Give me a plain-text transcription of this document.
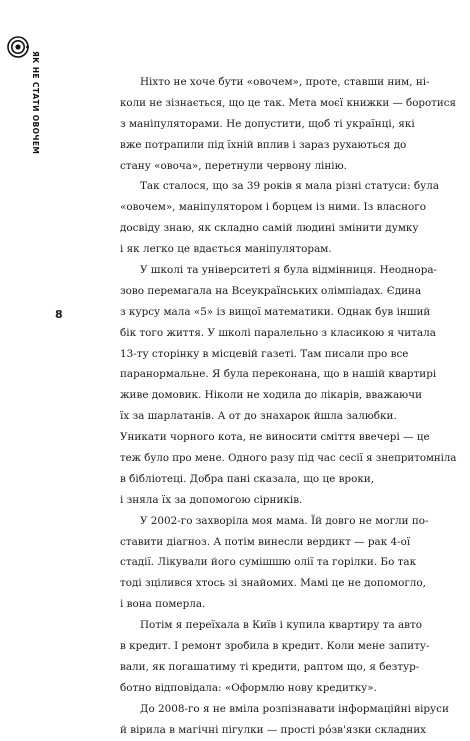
ЯК НЕ СТАТИ ОВОЧЕМ
8
Ніхто не хоче бути «овочем», проте, ставши ним, ні-
коли не зізнається, що це так. Мета моєї книжки — боротися
з маніпуляторами. Не допустити, щоб ті українці, які
вже потрапили під їхній вплив і зараз рухаються до
стану «овоча», перетнули червону лінію.
Так сталося, що за 39 років я мала різні статуси: була
«овочем», маніпулятором і борцем із ними. Із власного
досвіду знаю, як складно самій людині змінити думку
і як легко це вдається маніпуляторам.
У школі та університеті я була відмінниця. Неоднора-
зово перемагала на Всеукраїнських олімпіадах. Єдина
з курсу мала «5» із вищої математики. Однак був інший
бік того життя. У школі паралельно з класикою я читала
13-ту сторінку в місцевій газеті. Там писали про все
паранормальне. Я була переконана, що в нашій квартирі
живе домовик. Ніколи не ходила до лікарів, вважаючи
їх за шарлатанів. А от до знахарок йшла залюбки.
Уникати чорного кота, не виносити сміття ввечері — це
теж було про мене. Одного разу під час сесії я знепритомніла
в бібліотеці. Добра пані сказала, що це вроки,
і зняла їх за допомогою сірників.
У 2002-го захворіла моя мама. Їй довго не могли по-
ставити діагноз. А потім винесли вердикт — рак 4-ої
стадії. Лікували його сумішшю олії та горілки. Бо так
тоді зцілився хтось зі знайомих. Мамі це не допомогло,
і вона померла.
Потім я переїхала в Київ і купила квартиру та авто
в кредит. І ремонт зробила в кредит. Коли мене запиту-
вали, як погашатиму ті кредити, раптом що, я безтур-
ботно відповідала: «Оформлю нову кредитку».
До 2008-го я не вміла розпізнавати інформаційні віруси
й вірила в магічні пігулки — прості рóзв'язки складних
